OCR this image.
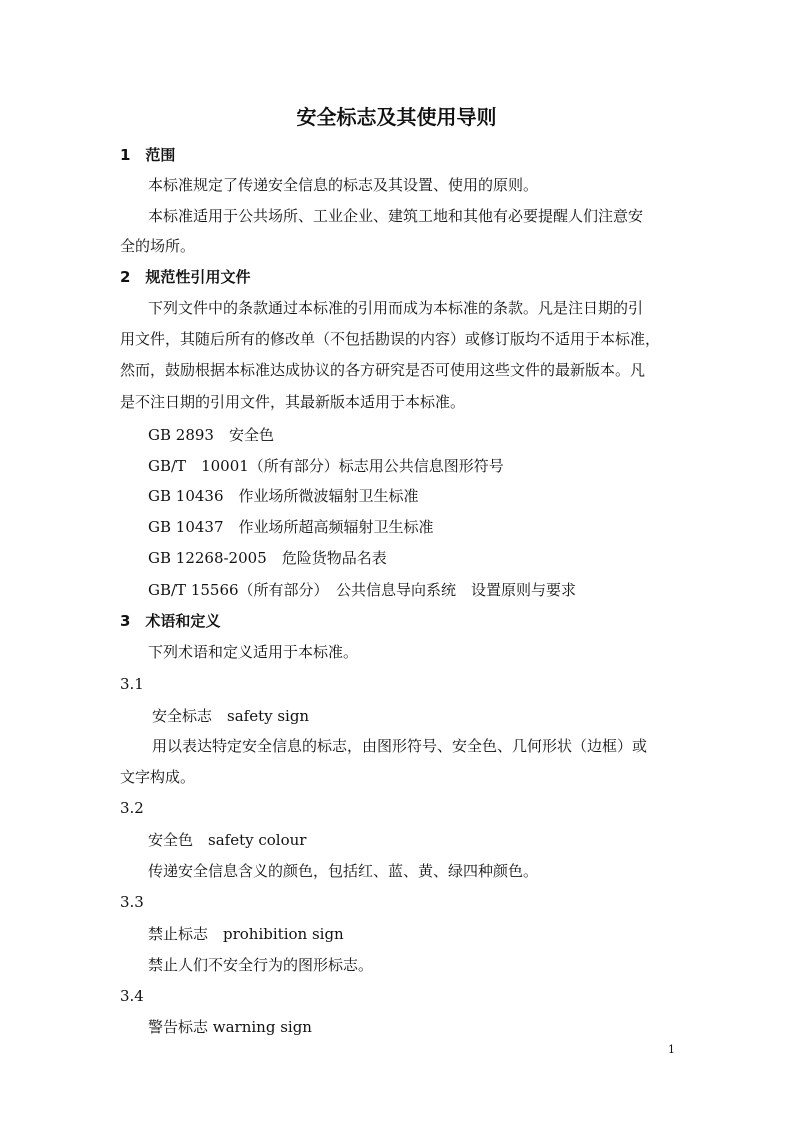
安全标志及其使用导则
1　范围
本标准规定了传递安全信息的标志及其设置、使用的原则。
本标准适用于公共场所、工业企业、建筑工地和其他有必要提醒人们注意安
全的场所。
2　规范性引用文件
下列文件中的条款通过本标准的引用而成为本标准的条款。凡是注日期的引
用文件，其随后所有的修改单（不包括勘误的内容）或修订版均不适用于本标准，
然而，鼓励根据本标准达成协议的各方研究是否可使用这些文件的最新版本。凡
是不注日期的引用文件，其最新版本适用于本标准。
GB 2893　安全色
GB/T　10001（所有部分）标志用公共信息图形符号
GB 10436　作业场所微波辐射卫生标准
GB 10437　作业场所超高频辐射卫生标准
GB 12268-2005　危险货物品名表
GB/T 15566（所有部分）　公共信息导向系统　设置原则与要求
3　术语和定义
下列术语和定义适用于本标准。
3.1
安全标志　safety sign
用以表达特定安全信息的标志，由图形符号、安全色、几何形状（边框）或
文字构成。
3.2
安全色　safety colour
传递安全信息含义的颜色，包括红、蓝、黄、绿四种颜色。
3.3
禁止标志　prohibition sign
禁止人们不安全行为的图形标志。
3.4
警告标志 warning sign
1
